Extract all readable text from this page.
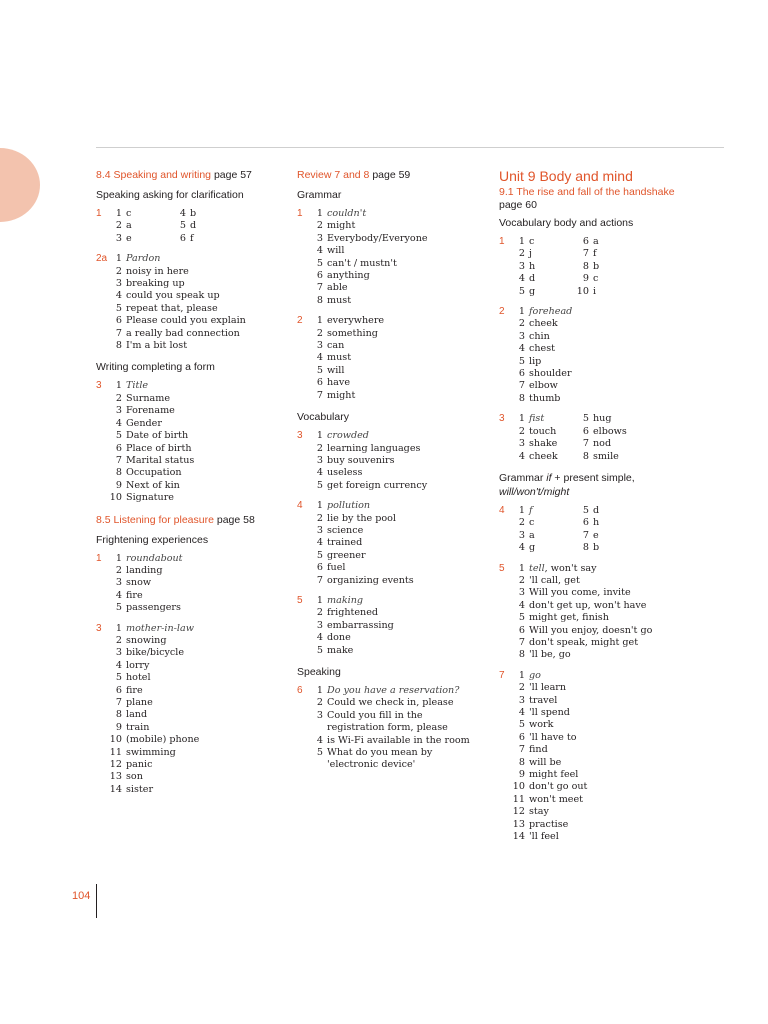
8.4 Speaking and writing page 57
Speaking asking for clarification
1	1 c
2 a
3 e
4 b
5 d
6 f
2a 1 Pardon
2 noisy in here
3 breaking up
4 could you speak up
5 repeat that, please
6 Please could you explain
7 a really bad connection
8 I'm a bit lost
Writing completing a form
3	1 Title
2 Surname
3 Forename
4 Gender
5 Date of birth
6 Place of birth
7 Marital status
8 Occupation
9 Next of kin
10 Signature
8.5 Listening for pleasure page 58
Frightening experiences
1	1 roundabout
2 landing
3 snow
4 fire
5 passengers
3	1 mother-in-law
2 snowing
3 bike/bicycle
4 lorry
5 hotel
6 fire
7 plane
8 land
9 train
10 (mobile) phone
11 swimming
12 panic
13 son
14 sister
Review 7 and 8 page 59
Grammar
1	1 couldn't
2 might
3 Everybody/Everyone
4 will
5 can't / mustn't
6 anything
7 able
8 must
2	1 everywhere
2 something
3 can
4 must
5 will
6 have
7 might
Vocabulary
3	1 crowded
2 learning languages
3 buy souvenirs
4 useless
5 get foreign currency
4	1 pollution
2 lie by the pool
3 science
4 trained
5 greener
6 fuel
7 organizing events
5	1 making
2 frightened
3 embarrassing
4 done
5 make
Speaking
6	1 Do you have a reservation?
2 Could we check in, please
3 Could you fill in the registration form, please
4 is Wi-Fi available in the room
5 What do you mean by 'electronic device'
Unit 9 Body and mind
9.1 The rise and fall of the handshake page 60
Vocabulary body and actions
1	1 c
2 j
3 h
4 d
5 g
6 a
7 f
8 b
9 c
10 i
2	1 forehead
2 cheek
3 chin
4 chest
5 lip
6 shoulder
7 elbow
8 thumb
3	1 fist
2 touch
3 shake
4 cheek
5 hug
6 elbows
7 nod
8 smile
Grammar if + present simple,
will/won't/might
4	1 f
2 c
3 a
4 g
5 d
6 h
7 e
8 b
5	1 tell, won't say
2 'll call, get
3 Will you come, invite
4 don't get up, won't have
5 might get, finish
6 Will you enjoy, doesn't go
7 don't speak, might get
8 'll be, go
7	1 go
2 'll learn
3 travel
4 'll spend
5 work
6 'll have to
7 find
8 will be
9 might feel
10 don't go out
11 won't meet
12 stay
13 practise
14 'll feel
104
